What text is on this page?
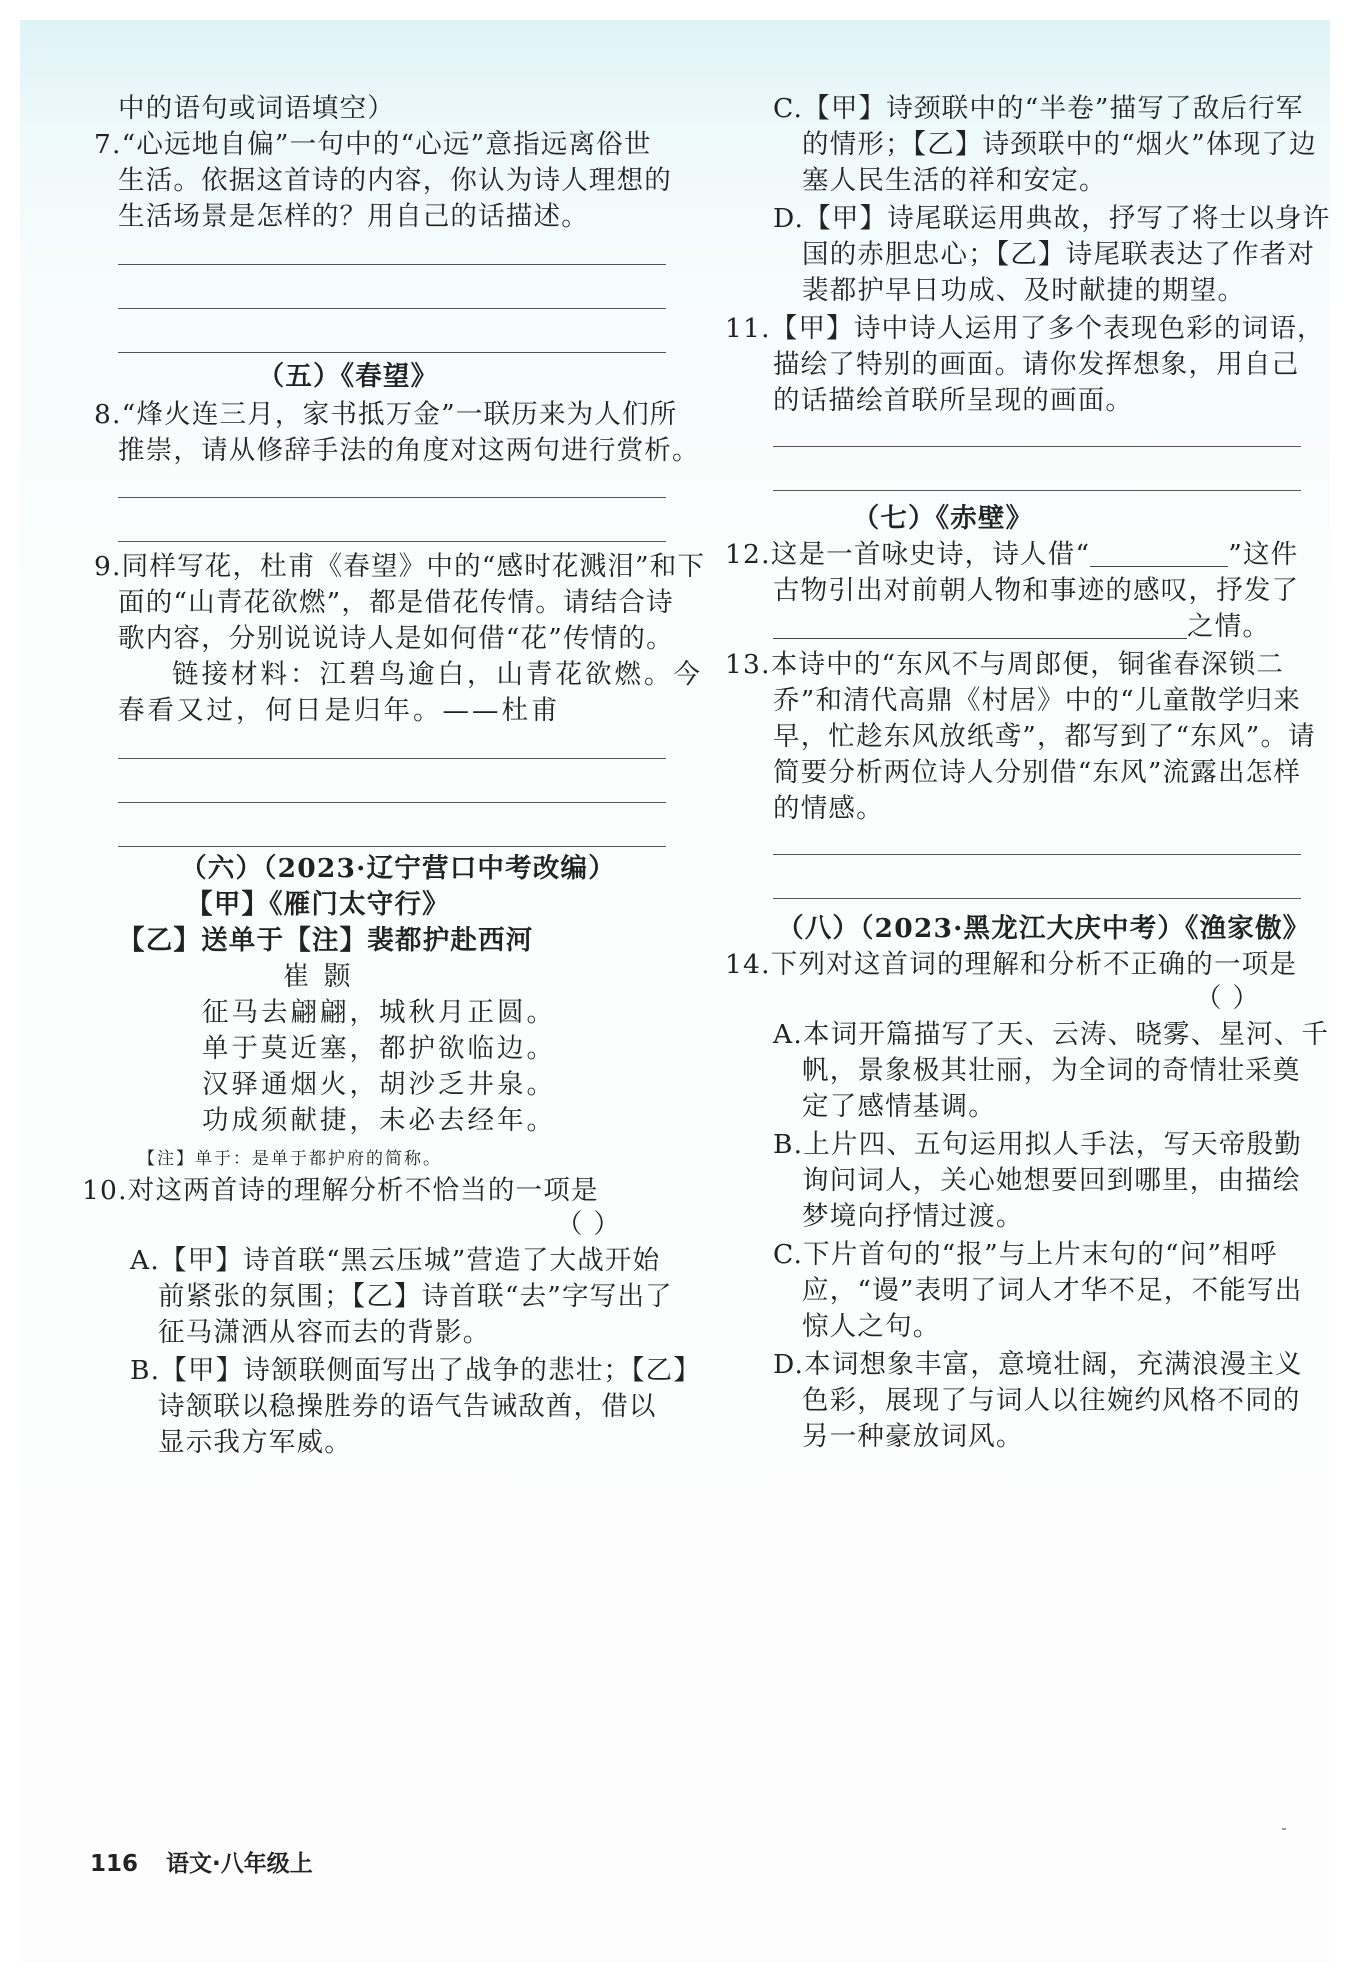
中的语句或词语填空）
7.“心远地自偏”一句中的“心远”意指远离俗世
生活。依据这首诗的内容，你认为诗人理想的
生活场景是怎样的？用自己的话描述。
（五）《春望》
8.“烽火连三月，家书抵万金”一联历来为人们所
推崇，请从修辞手法的角度对这两句进行赏析。
9.同样写花，杜甫《春望》中的“感时花溅泪”和下
面的“山青花欲燃”，都是借花传情。请结合诗
歌内容，分别说说诗人是如何借“花”传情的。
链接材料：江碧鸟逾白，山青花欲燃。今
春看又过，何日是归年。——杜甫
（六）（2023·辽宁营口中考改编）
【甲】《雁门太守行》
【乙】送单于【注】裴都护赴西河
崔 颢
征马去翩翩，城秋月正圆。
单于莫近塞，都护欲临边。
汉驿通烟火，胡沙乏井泉。
功成须献捷，未必去经年。
【注】单于：是单于都护府的简称。
10.对这两首诗的理解分析不恰当的一项是
（ ）
A.【甲】诗首联“黑云压城”营造了大战开始
前紧张的氛围；【乙】诗首联“去”字写出了
征马潇洒从容而去的背影。
B.【甲】诗颔联侧面写出了战争的悲壮；【乙】
诗颔联以稳操胜券的语气告诫敌酋，借以
显示我方军威。
C.【甲】诗颈联中的“半卷”描写了敌后行军
的情形；【乙】诗颈联中的“烟火”体现了边
塞人民生活的祥和安定。
D.【甲】诗尾联运用典故，抒写了将士以身许
国的赤胆忠心；【乙】诗尾联表达了作者对
裴都护早日功成、及时献捷的期望。
11.【甲】诗中诗人运用了多个表现色彩的词语，
描绘了特别的画面。请你发挥想象，用自己
的话描绘首联所呈现的画面。
（七）《赤壁》
12.这是一首咏史诗，诗人借“	”这件
古物引出对前朝人物和事迹的感叹，抒发了
之情。
13.本诗中的“东风不与周郎便，铜雀春深锁二
乔”和清代高鼎《村居》中的“儿童散学归来
早，忙趁东风放纸鸢”，都写到了“东风”。请
简要分析两位诗人分别借“东风”流露出怎样
的情感。
（八）（2023·黑龙江大庆中考）《渔家傲》
14.下列对这首词的理解和分析不正确的一项是
（ ）
A.本词开篇描写了天、云涛、晓雾、星河、千
帆，景象极其壮丽，为全词的奇情壮采奠
定了感情基调。
B.上片四、五句运用拟人手法，写天帝殷勤
询问词人，关心她想要回到哪里，由描绘
梦境向抒情过渡。
C.下片首句的“报”与上片末句的“问”相呼
应，“谩”表明了词人才华不足，不能写出
惊人之句。
D.本词想象丰富，意境壮阔，充满浪漫主义
色彩，展现了与词人以往婉约风格不同的
另一种豪放词风。
116 语文·八年级上
